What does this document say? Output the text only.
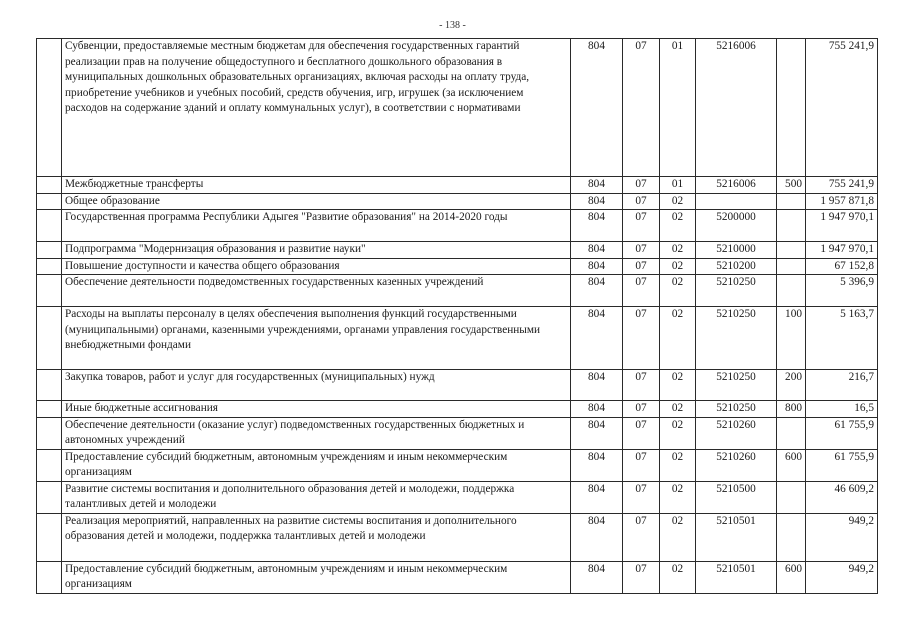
- 138 -
	Субвенции, предоставляемые местным бюджетам для обеспечения государственных гарантий реализации прав на получение общедоступного и бесплатного дошкольного образования в муниципальных дошкольных образовательных организациях, включая расходы на оплату труда, приобретение учебников и учебных пособий, средств обучения, игр, игрушек (за исключением расходов на содержание зданий и оплату коммунальных услуг), в соответствии с нормативами	804	07	01	5216006		755 241,9
	Межбюджетные трансферты	804	07	01	5216006	500	755 241,9
	Общее образование	804	07	02			1 957 871,8
	Государственная программа Республики Адыгея "Развитие образования" на 2014-2020 годы	804	07	02	5200000		1 947 970,1
	Подпрограмма "Модернизация образования и развитие науки"	804	07	02	5210000		1 947 970,1
	Повышение доступности и качества общего образования	804	07	02	5210200		67 152,8
	Обеспечение деятельности подведомственных государственных казенных учреждений	804	07	02	5210250		5 396,9
	Расходы на выплаты персоналу в целях обеспечения выполнения функций государственными (муниципальными) органами, казенными учреждениями, органами управления государственными внебюджетными фондами	804	07	02	5210250	100	5 163,7
	Закупка товаров, работ и услуг для государственных (муниципальных) нужд	804	07	02	5210250	200	216,7
	Иные бюджетные ассигнования	804	07	02	5210250	800	16,5
	Обеспечение деятельности (оказание услуг) подведомственных государственных бюджетных и автономных учреждений	804	07	02	5210260		61 755,9
	Предоставление субсидий бюджетным, автономным учреждениям и иным некоммерческим организациям	804	07	02	5210260	600	61 755,9
	Развитие системы воспитания и дополнительного образования детей и молодежи, поддержка талантливых детей и молодежи	804	07	02	5210500		46 609,2
	Реализация мероприятий, направленных на развитие системы воспитания и дополнительного образования детей и молодежи, поддержка талантливых детей и молодежи	804	07	02	5210501		949,2
	Предоставление субсидий бюджетным, автономным учреждениям и иным некоммерческим организациям	804	07	02	5210501	600	949,2
